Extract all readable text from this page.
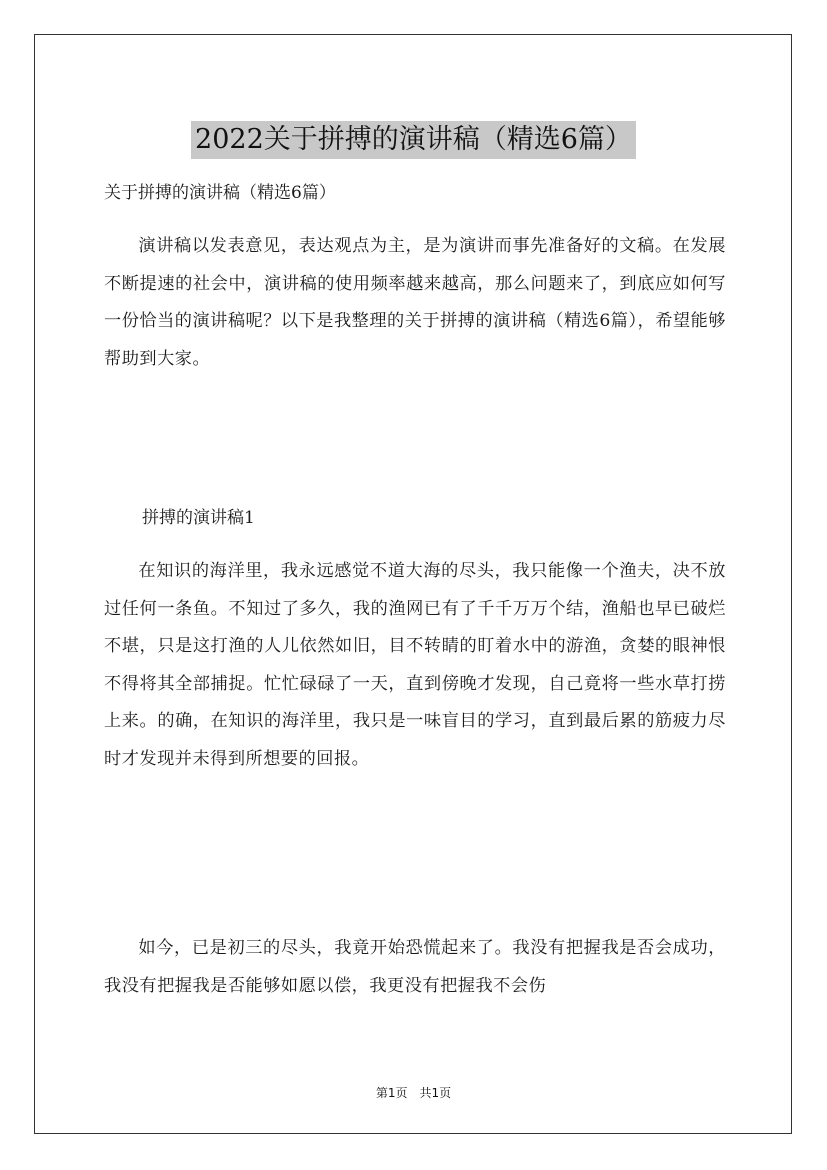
2022关于拼搏的演讲稿（精选6篇）

关于拼搏的演讲稿（精选6篇）

演讲稿以发表意见，表达观点为主，是为演讲而事先准备好的文稿。在发展不断提速的社会中，演讲稿的使用频率越来越高，那么问题来了，到底应如何写一份恰当的演讲稿呢？以下是我整理的关于拼搏的演讲稿（精选6篇），希望能够帮助到大家。

拼搏的演讲稿1

在知识的海洋里，我永远感觉不道大海的尽头，我只能像一个渔夫，决不放过任何一条鱼。不知过了多久，我的渔网已有了千千万万个结，渔船也早已破烂不堪，只是这打渔的人儿依然如旧，目不转睛的盯着水中的游渔，贪婪的眼神恨不得将其全部捕捉。忙忙碌碌了一天，直到傍晚才发现，自己竟将一些水草打捞上来。的确，在知识的海洋里，我只是一味盲目的学习，直到最后累的筋疲力尽时才发现并未得到所想要的回报。

如今，已是初三的尽头，我竟开始恐慌起来了。我没有把握我是否会成功，我没有把握我是否能够如愿以偿，我更没有把握我不会伤

第1页　共1页
